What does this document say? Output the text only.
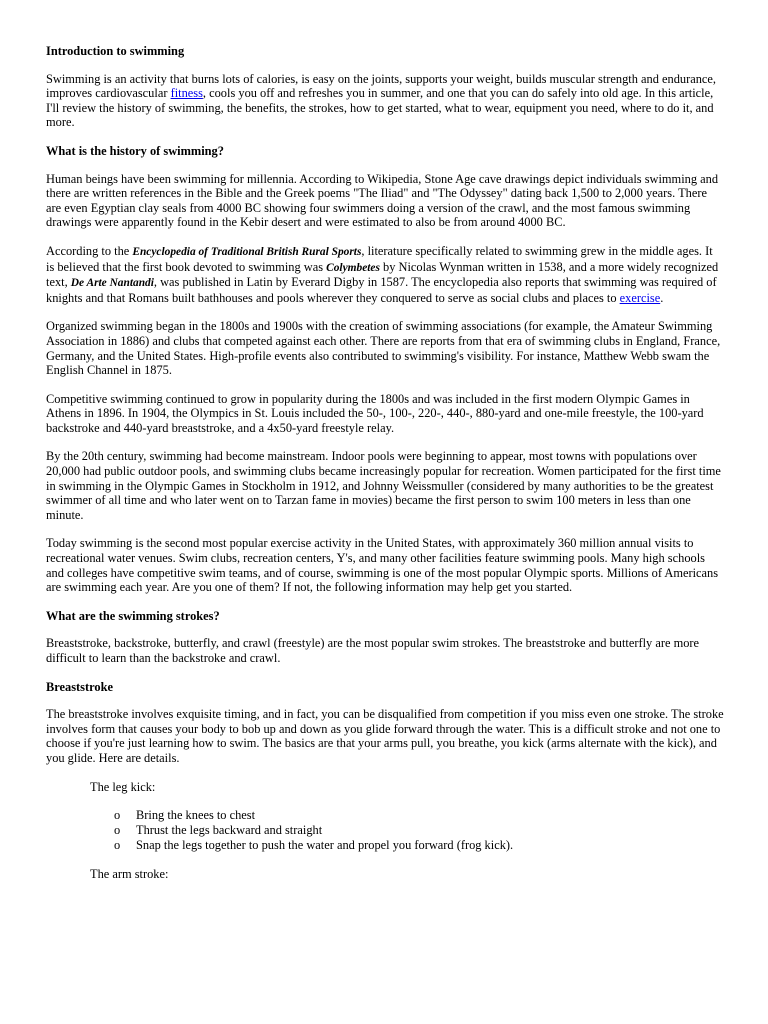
Introduction to swimming

Swimming is an activity that burns lots of calories, is easy on the joints, supports your weight, builds muscular strength and endurance, improves cardiovascular fitness, cools you off and refreshes you in summer, and one that you can do safely into old age. In this article, I'll review the history of swimming, the benefits, the strokes, how to get started, what to wear, equipment you need, where to do it, and more.

What is the history of swimming?

Human beings have been swimming for millennia. According to Wikipedia, Stone Age cave drawings depict individuals swimming and there are written references in the Bible and the Greek poems "The Iliad" and "The Odyssey" dating back 1,500 to 2,000 years. There are even Egyptian clay seals from 4000 BC showing four swimmers doing a version of the crawl, and the most famous swimming drawings were apparently found in the Kebir desert and were estimated to also be from around 4000 BC.

According to the Encyclopedia of Traditional British Rural Sports, literature specifically related to swimming grew in the middle ages. It is believed that the first book devoted to swimming was Colymbetes by Nicolas Wynman written in 1538, and a more widely recognized text, De Arte Nantandi, was published in Latin by Everard Digby in 1587. The encyclopedia also reports that swimming was required of knights and that Romans built bathhouses and pools wherever they conquered to serve as social clubs and places to exercise.

Organized swimming began in the 1800s and 1900s with the creation of swimming associations (for example, the Amateur Swimming Association in 1886) and clubs that competed against each other. There are reports from that era of swimming clubs in England, France, Germany, and the United States. High-profile events also contributed to swimming's visibility. For instance, Matthew Webb swam the English Channel in 1875.

Competitive swimming continued to grow in popularity during the 1800s and was included in the first modern Olympic Games in Athens in 1896. In 1904, the Olympics in St. Louis included the 50-, 100-, 220-, 440-, 880-yard and one-mile freestyle, the 100-yard backstroke and 440-yard breaststroke, and a 4x50-yard freestyle relay.

By the 20th century, swimming had become mainstream. Indoor pools were beginning to appear, most towns with populations over 20,000 had public outdoor pools, and swimming clubs became increasingly popular for recreation. Women participated for the first time in swimming in the Olympic Games in Stockholm in 1912, and Johnny Weissmuller (considered by many authorities to be the greatest swimmer of all time and who later went on to Tarzan fame in movies) became the first person to swim 100 meters in less than one minute.

Today swimming is the second most popular exercise activity in the United States, with approximately 360 million annual visits to recreational water venues. Swim clubs, recreation centers, Y's, and many other facilities feature swimming pools. Many high schools and colleges have competitive swim teams, and of course, swimming is one of the most popular Olympic sports. Millions of Americans are swimming each year. Are you one of them? If not, the following information may help get you started.

What are the swimming strokes?

Breaststroke, backstroke, butterfly, and crawl (freestyle) are the most popular swim strokes. The breaststroke and butterfly are more difficult to learn than the backstroke and crawl.

Breaststroke

The breaststroke involves exquisite timing, and in fact, you can be disqualified from competition if you miss even one stroke. The stroke involves form that causes your body to bob up and down as you glide forward through the water. This is a difficult stroke and not one to choose if you're just learning how to swim. The basics are that your arms pull, you breathe, you kick (arms alternate with the kick), and you glide. Here are details.

The leg kick:

o Bring the knees to chest
o Thrust the legs backward and straight
o Snap the legs together to push the water and propel you forward (frog kick).

The arm stroke:
